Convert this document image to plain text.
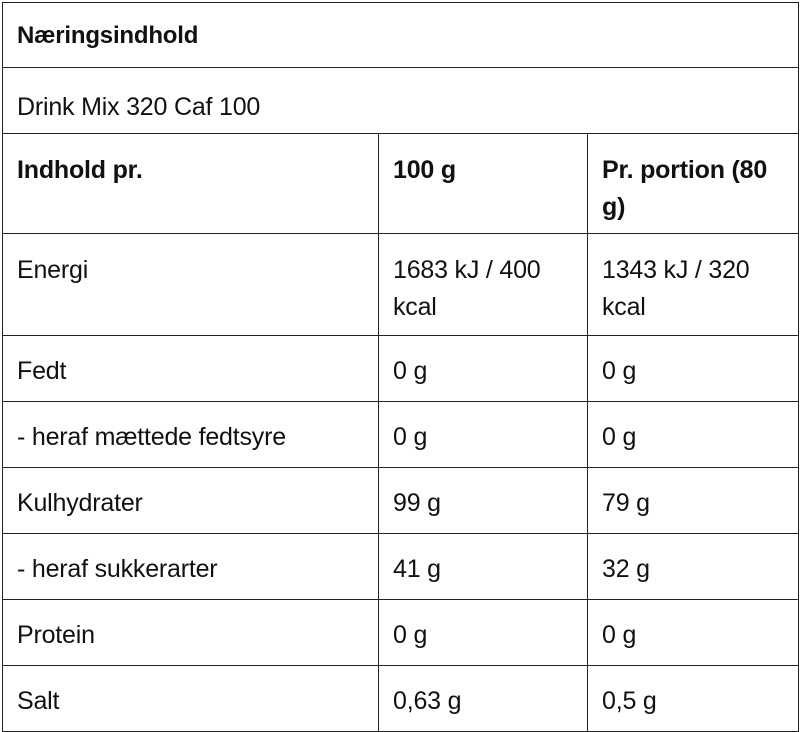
Næringsindhold		
Drink Mix 320 Caf 100		
Indhold pr.	100 g	Pr. portion (80 g)
Energi	1683 kJ / 400 kcal	1343 kJ / 320 kcal
Fedt	0 g	0 g
- heraf mættede fedtsyre	0 g	0 g
Kulhydrater	99 g	79 g
- heraf sukkerarter	41 g	32 g
Protein	0 g	0 g
Salt	0,63 g	0,5 g
